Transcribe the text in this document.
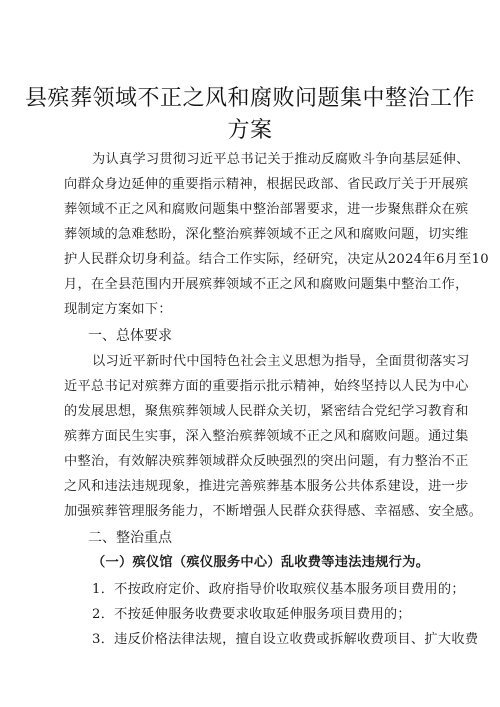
县殡葬领域不正之风和腐败问题集中整治工作
方案
为认真学习贯彻习近平总书记关于推动反腐败斗争向基层延伸、
向群众身边延伸的重要指示精神，根据民政部、省民政厅关于开展殡
葬领域不正之风和腐败问题集中整治部署要求，进一步聚焦群众在殡
葬领域的急难愁盼，深化整治殡葬领域不正之风和腐败问题，切实维
护人民群众切身利益。结合工作实际，经研究，决定从2024年6月至10
月，在全县范围内开展殡葬领域不正之风和腐败问题集中整治工作，
现制定方案如下：
一、总体要求
以习近平新时代中国特色社会主义思想为指导，全面贯彻落实习
近平总书记对殡葬方面的重要指示批示精神，始终坚持以人民为中心
的发展思想，聚焦殡葬领域人民群众关切，紧密结合党纪学习教育和
殡葬方面民生实事，深入整治殡葬领域不正之风和腐败问题。通过集
中整治，有效解决殡葬领域群众反映强烈的突出问题，有力整治不正
之风和违法违规现象，推进完善殡葬基本服务公共体系建设，进一步
加强殡葬管理服务能力，不断增强人民群众获得感、幸福感、安全感。
二、整治重点
（一）殡仪馆（殡仪服务中心）乱收费等违法违规行为。
1．不按政府定价、政府指导价收取殡仪基本服务项目费用的；
2．不按延伸服务收费要求收取延伸服务项目费用的；
3．违反价格法律法规，擅自设立收费或拆解收费项目、扩大收费
